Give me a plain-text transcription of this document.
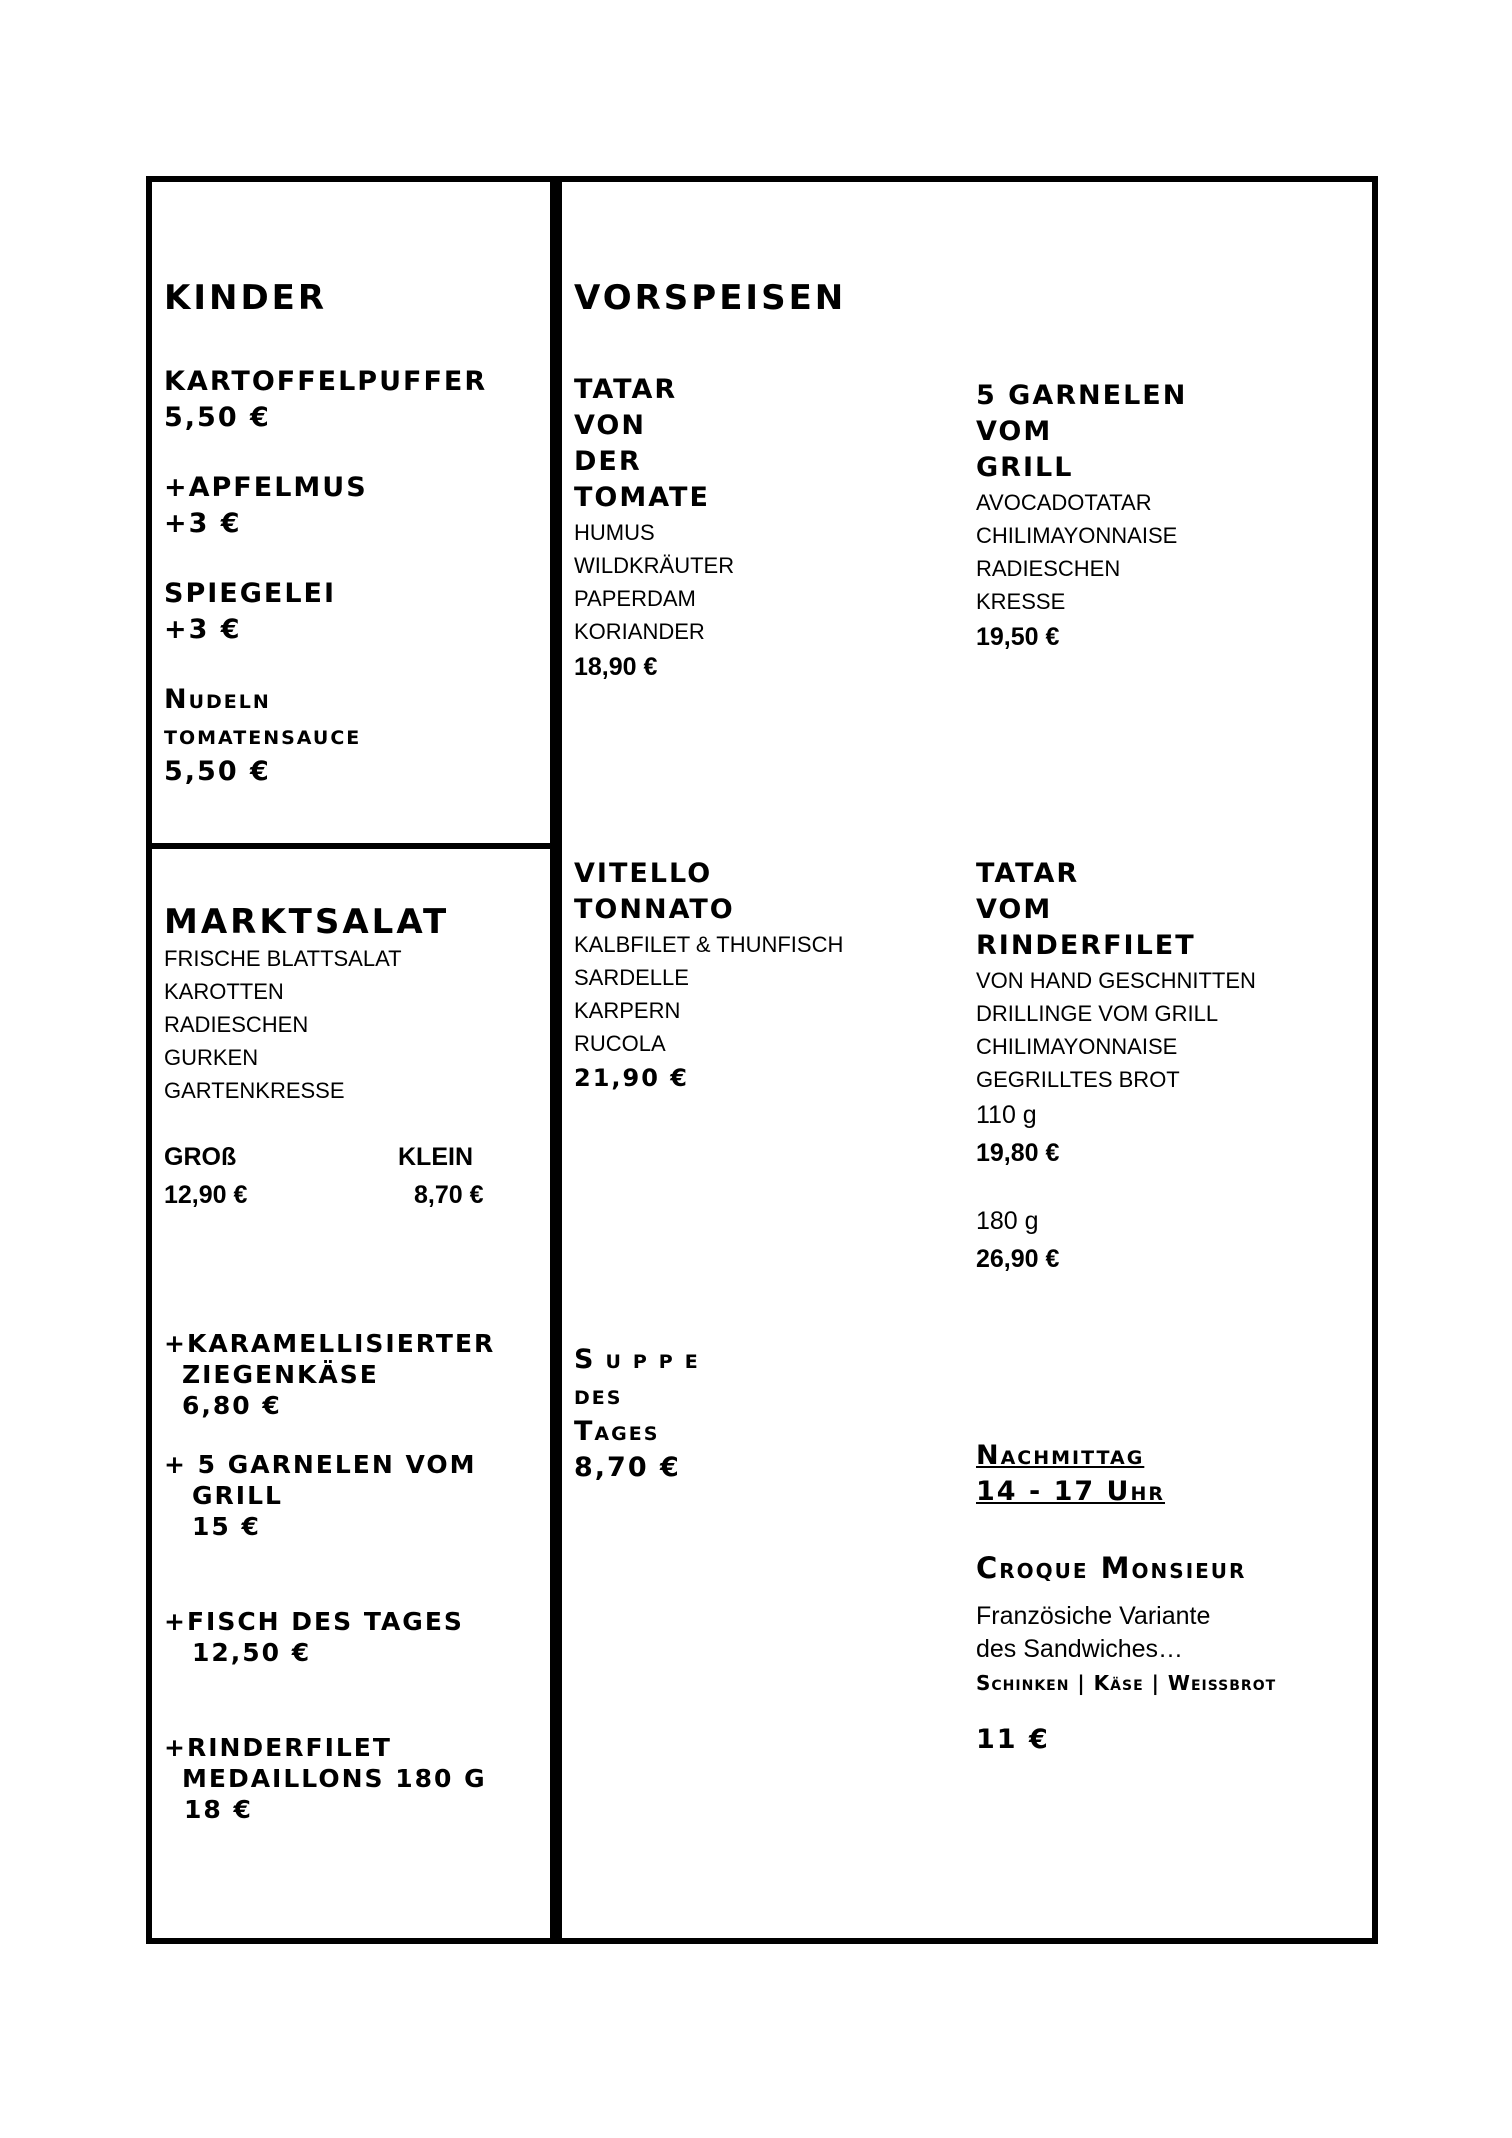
KINDER

KARTOFFELPUFFER

5,50 €

+APFELMUS

+3 €

SPIEGELEI

+3 €

Nudeln

tomatensauce

5,50 €

MARKTSALAT

FRISCHE BLATTSALAT

KAROTTEN

RADIESCHEN

GURKEN

GARTENKRESSE

GROß

12,90 €

KLEIN

8,70 €

+KARAMELLISIERTER

ZIEGENKÄSE

6,80 €

+ 5 GARNELEN VOM

GRILL

15 €

+FISCH DES TAGES

12,50 €

+RINDERFILET

MEDAILLONS 180 G

18 €

VORSPEISEN

TATAR

VON

DER

TOMATE

HUMUS

WILDKRÄUTER

PAPERDAM

KORIANDER

18,90 €

5 GARNELEN

VOM

GRILL

AVOCADOTATAR

CHILIMAYONNAISE

RADIESCHEN

KRESSE

19,50 €

VITELLO

TONNATO

KALBFILET & THUNFISCH

SARDELLE

KARPERN

RUCOLA

21,90 €

TATAR

VOM

RINDERFILET

VON HAND GESCHNITTEN

DRILLINGE VOM GRILL

CHILIMAYONNAISE

GEGRILLTES BROT

110 g

19,80 €

180 g

26,90 €

Suppe

des

Tages

8,70 €	Nachmittag

14 - 17 Uhr

Croque Monsieur

Französiche Variante

des Sandwiches…

Schinken | Käse | Weissbrot

11 €
